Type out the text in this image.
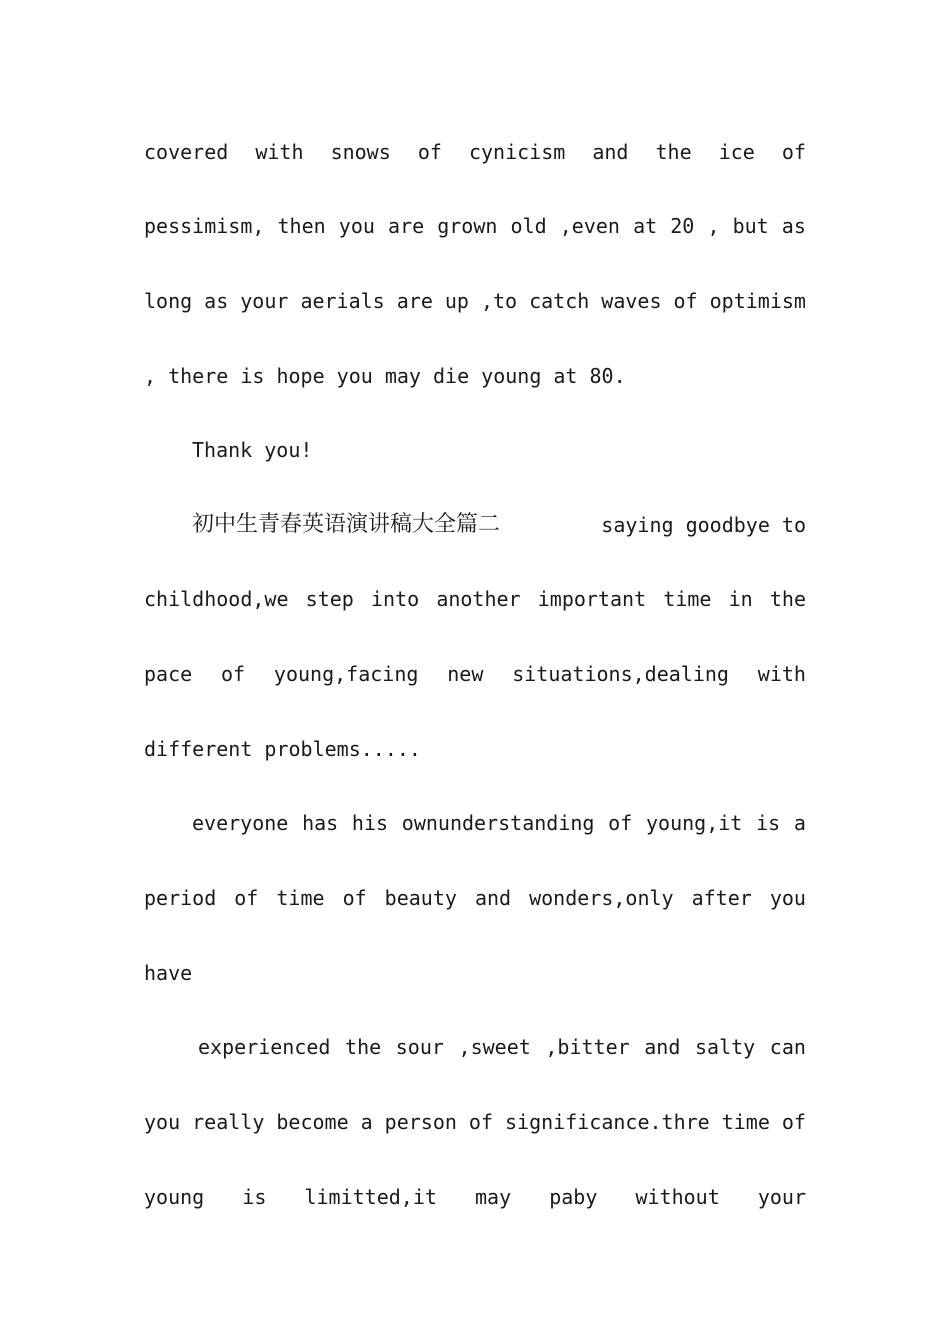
covered with snows of cynicism and the ice of
pessimism, then you are grown old ,even at 20 , but as
long as your aerials are up ,to catch waves of optimism
, there is hope you may die young at 80.
Thank you!
初中生青春英语演讲稿大全篇二	saying goodbye to
childhood,we step into another important time in the
pace of young,facing new situations,dealing with
different problems.....
everyone has his ownunderstanding of young,it is a
period of time of beauty and wonders,only after you
have
experienced the sour ,sweet ,bitter and salty can
you really become a person of significance.thre time of
young is limitted,it may paby without your
